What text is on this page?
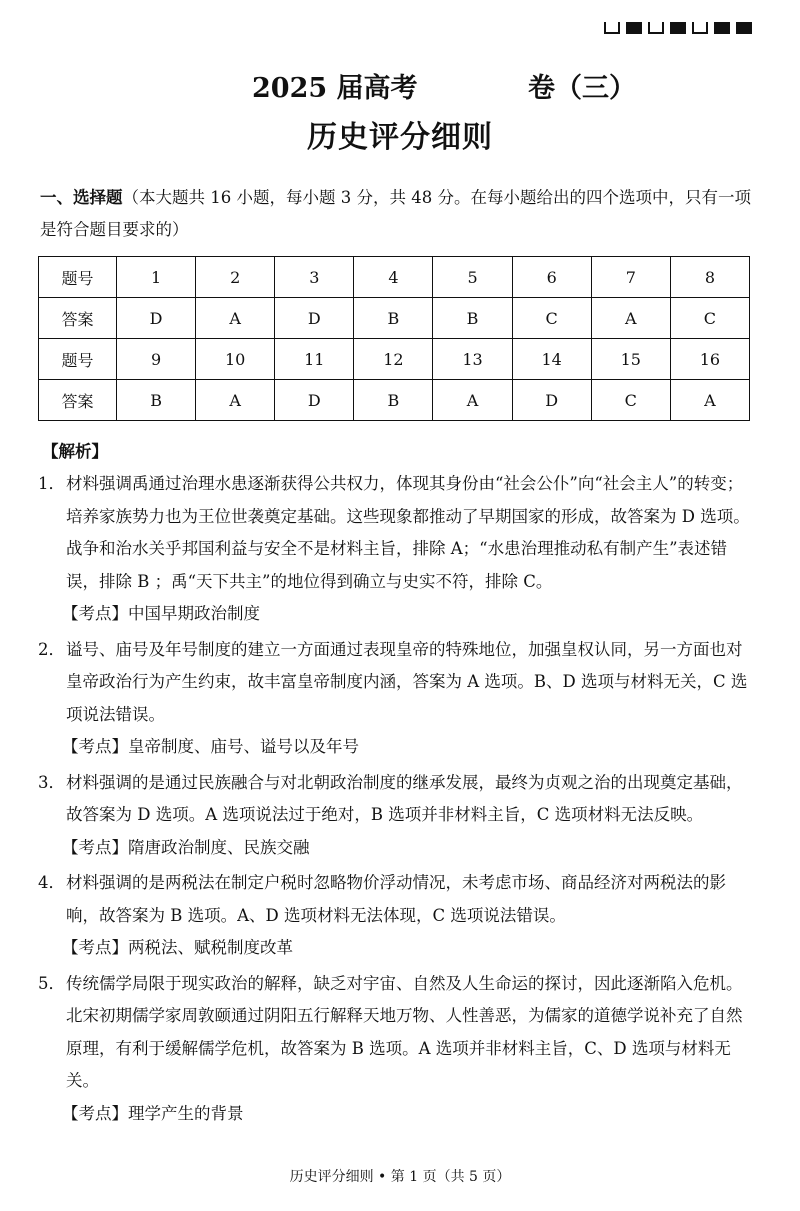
2025 届高考	卷（三）
历史评分细则
一、选择题（本大题共 16 小题，每小题 3 分，共 48 分。在每小题给出的四个选项中，只有一项是符合题目要求的）
题号	1	2	3	4	5	6	7	8
答案	D	A	D	B	B	C	A	C
题号	9	10	11	12	13	14	15	16
答案	B	A	D	B	A	D	C	A
【解析】
1． 材料强调禹通过治理水患逐渐获得公共权力，体现其身份由“社会公仆”向“社会主人”的转变；培养家族势力也为王位世袭奠定基础。这些现象都推动了早期国家的形成，故答案为 D 选项。战争和治水关乎邦国利益与安全不是材料主旨，排除 A；“水患治理推动私有制产生”表述错误，排除 B ；禹“天下共主”的地位得到确立与史实不符，排除 C。
【考点】中国早期政治制度
2． 谥号、庙号及年号制度的建立一方面通过表现皇帝的特殊地位，加强皇权认同，另一方面也对皇帝政治行为产生约束，故丰富皇帝制度内涵，答案为 A 选项。B、D 选项与材料无关，C 选项说法错误。
【考点】皇帝制度、庙号、谥号以及年号
3． 材料强调的是通过民族融合与对北朝政治制度的继承发展，最终为贞观之治的出现奠定基础，故答案为 D 选项。A 选项说法过于绝对，B 选项并非材料主旨，C 选项材料无法反映。
【考点】隋唐政治制度、民族交融
4． 材料强调的是两税法在制定户税时忽略物价浮动情况，未考虑市场、商品经济对两税法的影响，故答案为 B 选项。A、D 选项材料无法体现，C 选项说法错误。
【考点】两税法、赋税制度改革
5． 传统儒学局限于现实政治的解释，缺乏对宇宙、自然及人生命运的探讨，因此逐渐陷入危机。北宋初期儒学家周敦颐通过阴阳五行解释天地万物、人性善恶，为儒家的道德学说补充了自然原理，有利于缓解儒学危机，故答案为 B 选项。A 选项并非材料主旨，C、D 选项与材料无关。
【考点】理学产生的背景
历史评分细则 • 第 1 页（共 5 页）
